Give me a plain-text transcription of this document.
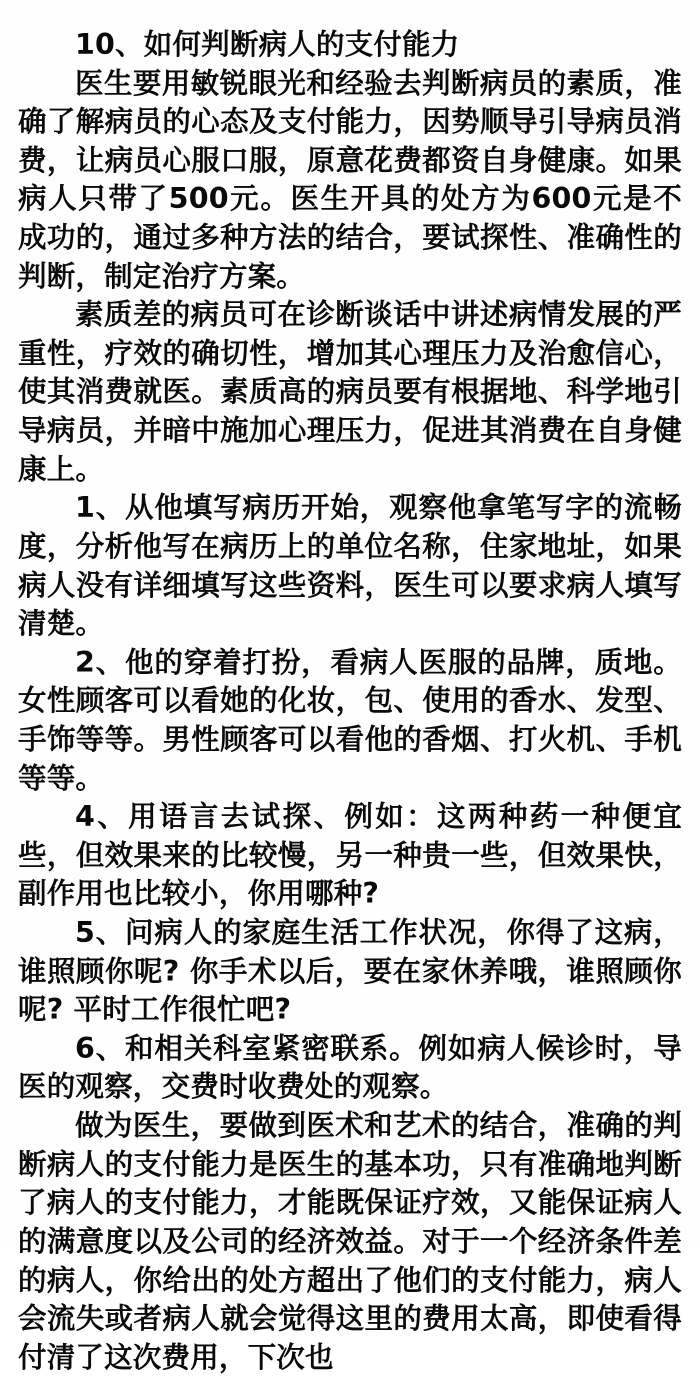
10、如何判断病人的支付能力

医生要用敏锐眼光和经验去判断病员的素质，准确了解病员的心态及支付能力，因势顺导引导病员消费，让病员心服口服，原意花费都资自身健康。如果病人只带了500元。医生开具的处方为600元是不成功的，通过多种方法的结合，要试探性、准确性的判断，制定治疗方案。

素质差的病员可在诊断谈话中讲述病情发展的严重性，疗效的确切性，增加其心理压力及治愈信心，使其消费就医。素质高的病员要有根据地、科学地引导病员，并暗中施加心理压力，促进其消费在自身健康上。

1、从他填写病历开始，观察他拿笔写字的流畅度，分析他写在病历上的单位名称，住家地址，如果病人没有详细填写这些资料，医生可以要求病人填写清楚。

2、他的穿着打扮，看病人医服的品牌，质地。女性顾客可以看她的化妆，包、使用的香水、发型、手饰等等。男性顾客可以看他的香烟、打火机、手机等等。

4、用语言去试探、例如：这两种药一种便宜些，但效果来的比较慢，另一种贵一些，但效果快，副作用也比较小，你用哪种?

5、问病人的家庭生活工作状况，你得了这病，谁照顾你呢? 你手术以后，要在家休养哦，谁照顾你呢? 平时工作很忙吧?

6、和相关科室紧密联系。例如病人候诊时，导医的观察，交费时收费处的观察。

做为医生，要做到医术和艺术的结合，准确的判断病人的支付能力是医生的基本功，只有准确地判断了病人的支付能力，才能既保证疗效，又能保证病人的满意度以及公司的经济效益。对于一个经济条件差的病人，你给出的处方超出了他们的支付能力，病人会流失或者病人就会觉得这里的费用太高，即使看得付清了这次费用，下次也
